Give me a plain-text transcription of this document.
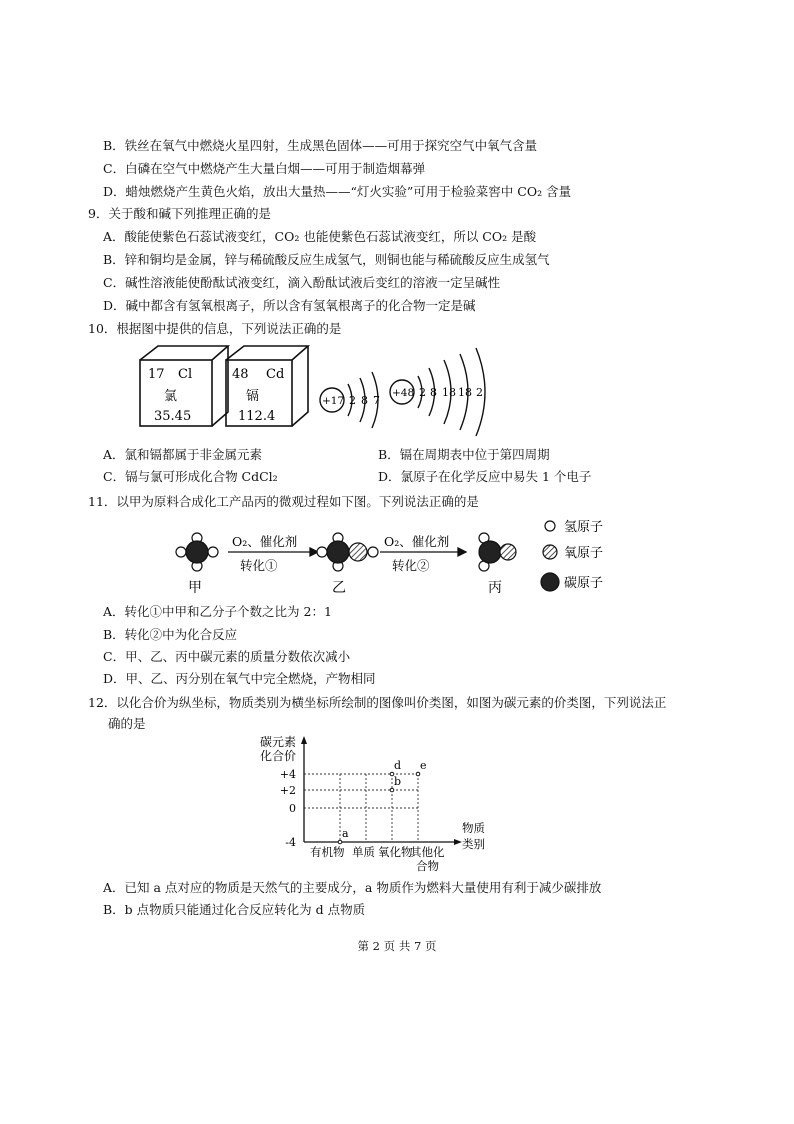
B．铁丝在氧气中燃烧火星四射，生成黑色固体——可用于探究空气中氧气含量
C．白磷在空气中燃烧产生大量白烟——可用于制造烟幕弹
D．蜡烛燃烧产生黄色火焰，放出大量热——“灯火实验”可用于检验菜窖中 CO₂ 含量
9．关于酸和碱下列推理正确的是
A．酸能使紫色石蕊试液变红，CO₂ 也能使紫色石蕊试液变红，所以 CO₂ 是酸
B．锌和铜均是金属，锌与稀硫酸反应生成氢气，则铜也能与稀硫酸反应生成氢气
C．碱性溶液能使酚酞试液变红，滴入酚酞试液后变红的溶液一定呈碱性
D．碱中都含有氢氧根离子，所以含有氢氧根离子的化合物一定是碱
10．根据图中提供的信息，下列说法正确的是
17 Cl
氯
35.45
48 Cd
镉
112.4
+17 2 8 7
+48 2 8 18 18 2
A．氯和镉都属于非金属元素	B．镉在周期表中位于第四周期
C．镉与氯可形成化合物 CdCl₂	D．氯原子在化学反应中易失 1 个电子
11．以甲为原料合成化工产品丙的微观过程如下图。下列说法正确的是
甲
O₂、催化剂
转化①
乙
O₂、催化剂
转化②
丙
氢原子
氧原子
碳原子
A．转化①中甲和乙分子个数之比为 2：1
B．转化②中为化合反应
C．甲、乙、丙中碳元素的质量分数依次减小
D．甲、乙、丙分别在氧气中完全燃烧，产物相同
12．以化合价为纵坐标，物质类别为横坐标所绘制的图像叫价类图，如图为碳元素的价类图，下列说法正
确的是
碳元素
化合价
+4
+2
0
-4
有机物 单质 氧化物
其他化
合物
物质
类别
a
b
d e
A．已知 a 点对应的物质是天然气的主要成分，a 物质作为燃料大量使用有利于减少碳排放
B．b 点物质只能通过化合反应转化为 d 点物质
第 2 页 共 7 页
